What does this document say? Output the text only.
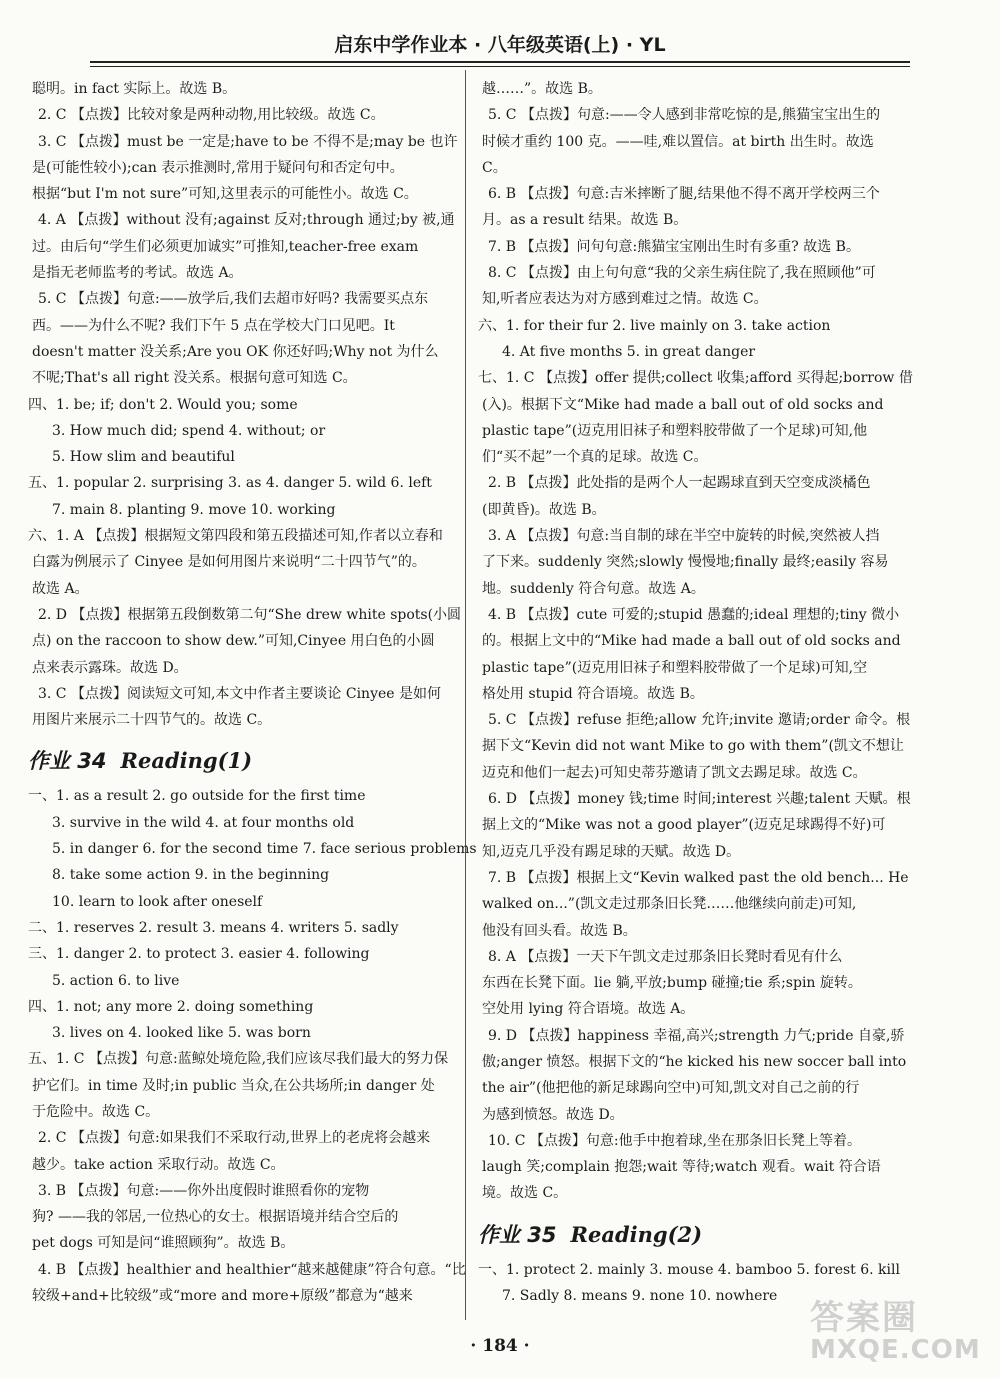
启东中学作业本 · 八年级英语(上) · YL
聪明。in fact 实际上。故选 B。
2. C 【点拨】比较对象是两种动物,用比较级。故选 C。
3. C 【点拨】must be 一定是;have to be 不得不是;may be 也许
是(可能性较小);can 表示推测时,常用于疑问句和否定句中。
根据“but I'm not sure”可知,这里表示的可能性小。故选 C。
4. A 【点拨】without 没有;against 反对;through 通过;by 被,通
过。由后句“学生们必须更加诚实”可推知,teacher-free exam
是指无老师监考的考试。故选 A。
5. C 【点拨】句意:——放学后,我们去超市好吗? 我需要买点东
西。——为什么不呢? 我们下午 5 点在学校大门口见吧。It
doesn't matter 没关系;Are you OK 你还好吗;Why not 为什么
不呢;That's all right 没关系。根据句意可知选 C。
四、1. be; if; don't 2. Would you; some
3. How much did; spend 4. without; or
5. How slim and beautiful
五、1. popular 2. surprising 3. as 4. danger 5. wild 6. left
7. main 8. planting 9. move 10. working
六、1. A 【点拨】根据短文第四段和第五段描述可知,作者以立春和
白露为例展示了 Cinyee 是如何用图片来说明“二十四节气”的。
故选 A。
2. D 【点拨】根据第五段倒数第二句“She drew white spots(小圆
点) on the raccoon to show dew.”可知,Cinyee 用白色的小圆
点来表示露珠。故选 D。
3. C 【点拨】阅读短文可知,本文中作者主要谈论 Cinyee 是如何
用图片来展示二十四节气的。故选 C。
作业 34 Reading(1)
一、1. as a result 2. go outside for the first time
3. survive in the wild 4. at four months old
5. in danger 6. for the second time 7. face serious problems
8. take some action 9. in the beginning
10. learn to look after oneself
二、1. reserves 2. result 3. means 4. writers 5. sadly
三、1. danger 2. to protect 3. easier 4. following
5. action 6. to live
四、1. not; any more 2. doing something
3. lives on 4. looked like 5. was born
五、1. C 【点拨】句意:蓝鲸处境危险,我们应该尽我们最大的努力保
护它们。in time 及时;in public 当众,在公共场所;in danger 处
于危险中。故选 C。
2. C 【点拨】句意:如果我们不采取行动,世界上的老虎将会越来
越少。take action 采取行动。故选 C。
3. B 【点拨】句意:——你外出度假时谁照看你的宠物
狗? ——我的邻居,一位热心的女士。根据语境并结合空后的
pet dogs 可知是问“谁照顾狗”。故选 B。
4. B 【点拨】healthier and healthier“越来越健康”符合句意。“比
较级+and+比较级”或“more and more+原级”都意为“越来
越……”。故选 B。
5. C 【点拨】句意:——令人感到非常吃惊的是,熊猫宝宝出生的
时候才重约 100 克。——哇,难以置信。at birth 出生时。故选
C。
6. B 【点拨】句意:吉米摔断了腿,结果他不得不离开学校两三个
月。as a result 结果。故选 B。
7. B 【点拨】问句句意:熊猫宝宝刚出生时有多重? 故选 B。
8. C 【点拨】由上句句意“我的父亲生病住院了,我在照顾他”可
知,听者应表达为对方感到难过之情。故选 C。
六、1. for their fur 2. live mainly on 3. take action
4. At five months 5. in great danger
七、1. C 【点拨】offer 提供;collect 收集;afford 买得起;borrow 借
(入)。根据下文“Mike had made a ball out of old socks and
plastic tape”(迈克用旧袜子和塑料胶带做了一个足球)可知,他
们“买不起”一个真的足球。故选 C。
2. B 【点拨】此处指的是两个人一起踢球直到天空变成淡橘色
(即黄昏)。故选 B。
3. A 【点拨】句意:当自制的球在半空中旋转的时候,突然被人挡
了下来。suddenly 突然;slowly 慢慢地;finally 最终;easily 容易
地。suddenly 符合句意。故选 A。
4. B 【点拨】cute 可爱的;stupid 愚蠢的;ideal 理想的;tiny 微小
的。根据上文中的“Mike had made a ball out of old socks and
plastic tape”(迈克用旧袜子和塑料胶带做了一个足球)可知,空
格处用 stupid 符合语境。故选 B。
5. C 【点拨】refuse 拒绝;allow 允许;invite 邀请;order 命令。根
据下文“Kevin did not want Mike to go with them”(凯文不想让
迈克和他们一起去)可知史蒂芬邀请了凯文去踢足球。故选 C。
6. D 【点拨】money 钱;time 时间;interest 兴趣;talent 天赋。根
据上文的“Mike was not a good player”(迈克足球踢得不好)可
知,迈克几乎没有踢足球的天赋。故选 D。
7. B 【点拨】根据上文“Kevin walked past the old bench... He
walked on...”(凯文走过那条旧长凳……他继续向前走)可知,
他没有回头看。故选 B。
8. A 【点拨】一天下午凯文走过那条旧长凳时看见有什么
东西在长凳下面。lie 躺,平放;bump 碰撞;tie 系;spin 旋转。
空处用 lying 符合语境。故选 A。
9. D 【点拨】happiness 幸福,高兴;strength 力气;pride 自豪,骄
傲;anger 愤怒。根据下文的“he kicked his new soccer ball into
the air”(他把他的新足球踢向空中)可知,凯文对自己之前的行
为感到愤怒。故选 D。
10. C 【点拨】句意:他手中抱着球,坐在那条旧长凳上等着。
laugh 笑;complain 抱怨;wait 等待;watch 观看。wait 符合语
境。故选 C。
作业 35 Reading(2)
一、1. protect 2. mainly 3. mouse 4. bamboo 5. forest 6. kill
7. Sadly 8. means 9. none 10. nowhere
· 184 ·
答案圈
MXQE.COM
